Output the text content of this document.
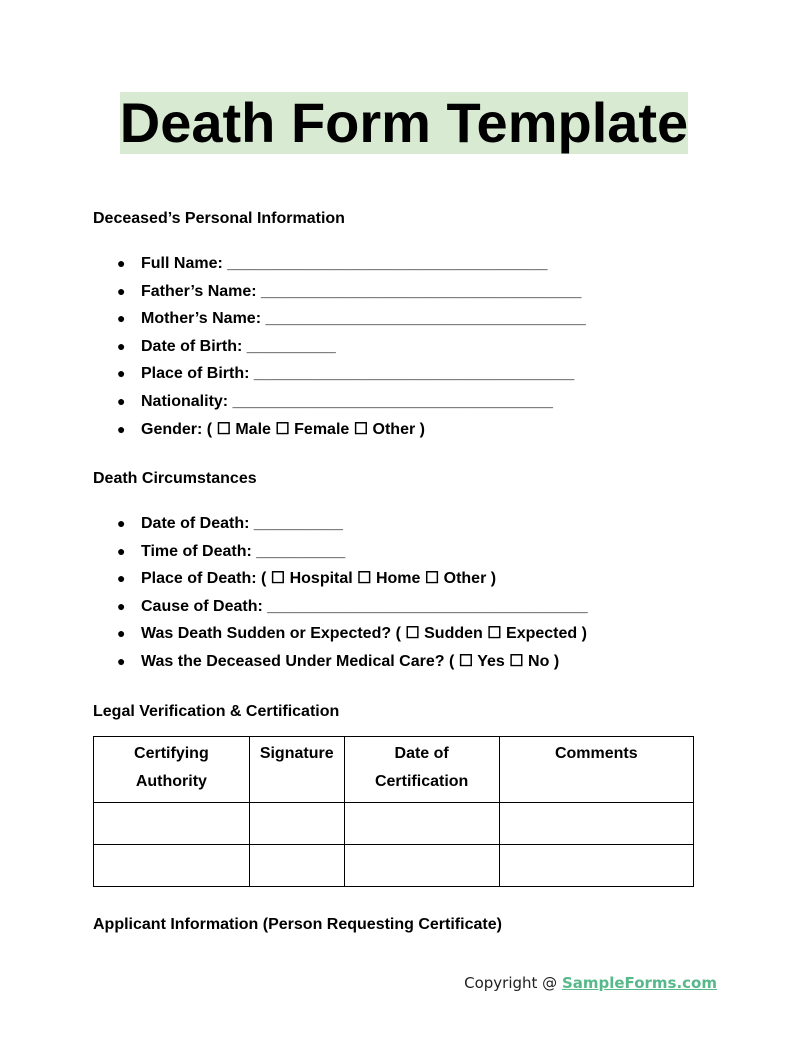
Death Form Template
Deceased’s Personal Information
● Full Name: ____________________________________
● Father’s Name: ____________________________________
● Mother’s Name: ____________________________________
● Date of Birth: __________
● Place of Birth: ____________________________________
● Nationality: ____________________________________
● Gender: ( ☐ Male ☐ Female ☐ Other )
Death Circumstances
● Date of Death: __________
● Time of Death: __________
● Place of Death: ( ☐ Hospital ☐ Home ☐ Other )
● Cause of Death: ____________________________________
● Was Death Sudden or Expected? ( ☐ Sudden ☐ Expected )
● Was the Deceased Under Medical Care? ( ☐ Yes ☐ No )
Legal Verification & Certification
Certifying Authority	Signature	Date of Certification	Comments

Applicant Information (Person Requesting Certificate)
Copyright @ SampleForms.com
